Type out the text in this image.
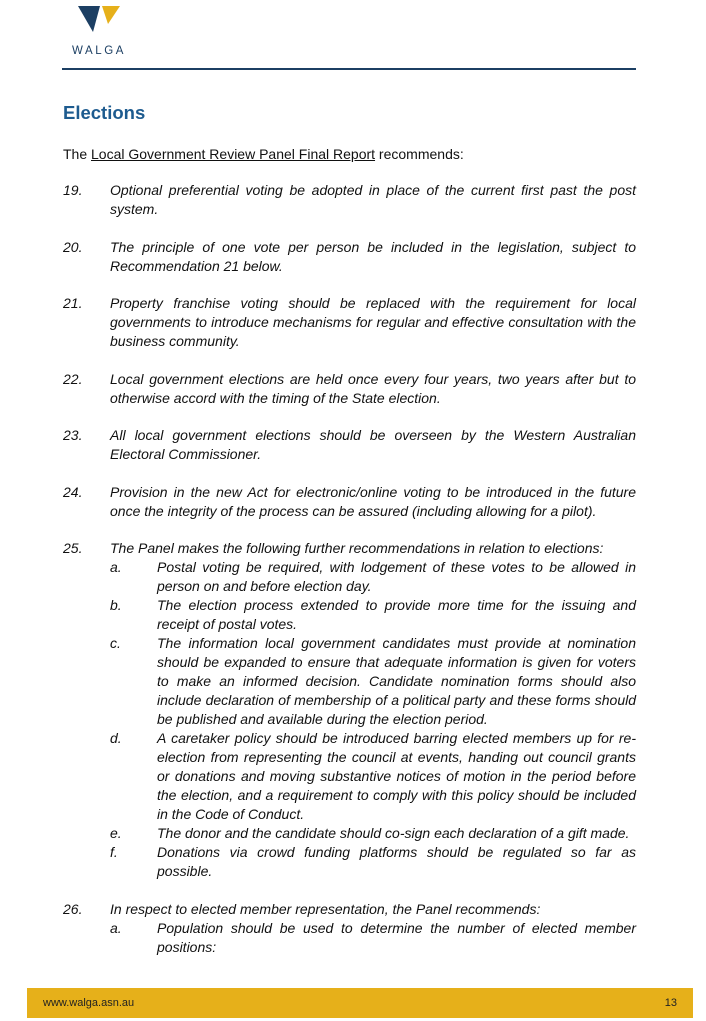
WALGA
Elections
The Local Government Review Panel Final Report recommends:
19. Optional preferential voting be adopted in place of the current first past the post system.
20. The principle of one vote per person be included in the legislation, subject to Recommendation 21 below.
21. Property franchise voting should be replaced with the requirement for local governments to introduce mechanisms for regular and effective consultation with the business community.
22. Local government elections are held once every four years, two years after but to otherwise accord with the timing of the State election.
23. All local government elections should be overseen by the Western Australian Electoral Commissioner.
24. Provision in the new Act for electronic/online voting to be introduced in the future once the integrity of the process can be assured (including allowing for a pilot).
25. The Panel makes the following further recommendations in relation to elections:
a.	Postal voting be required, with lodgement of these votes to be allowed in person on and before election day.
b.	The election process extended to provide more time for the issuing and receipt of postal votes.
c.	The information local government candidates must provide at nomination should be expanded to ensure that adequate information is given for voters to make an informed decision. Candidate nomination forms should also include declaration of membership of a political party and these forms should be published and available during the election period.
d.	A caretaker policy should be introduced barring elected members up for re-election from representing the council at events, handing out council grants or donations and moving substantive notices of motion in the period before the election, and a requirement to comply with this policy should be included in the Code of Conduct.
e.	The donor and the candidate should co-sign each declaration of a gift made.
f.	Donations via crowd funding platforms should be regulated so far as possible.
26. In respect to elected member representation, the Panel recommends:
a.	Population should be used to determine the number of elected member positions:
www.walga.asn.au	13
